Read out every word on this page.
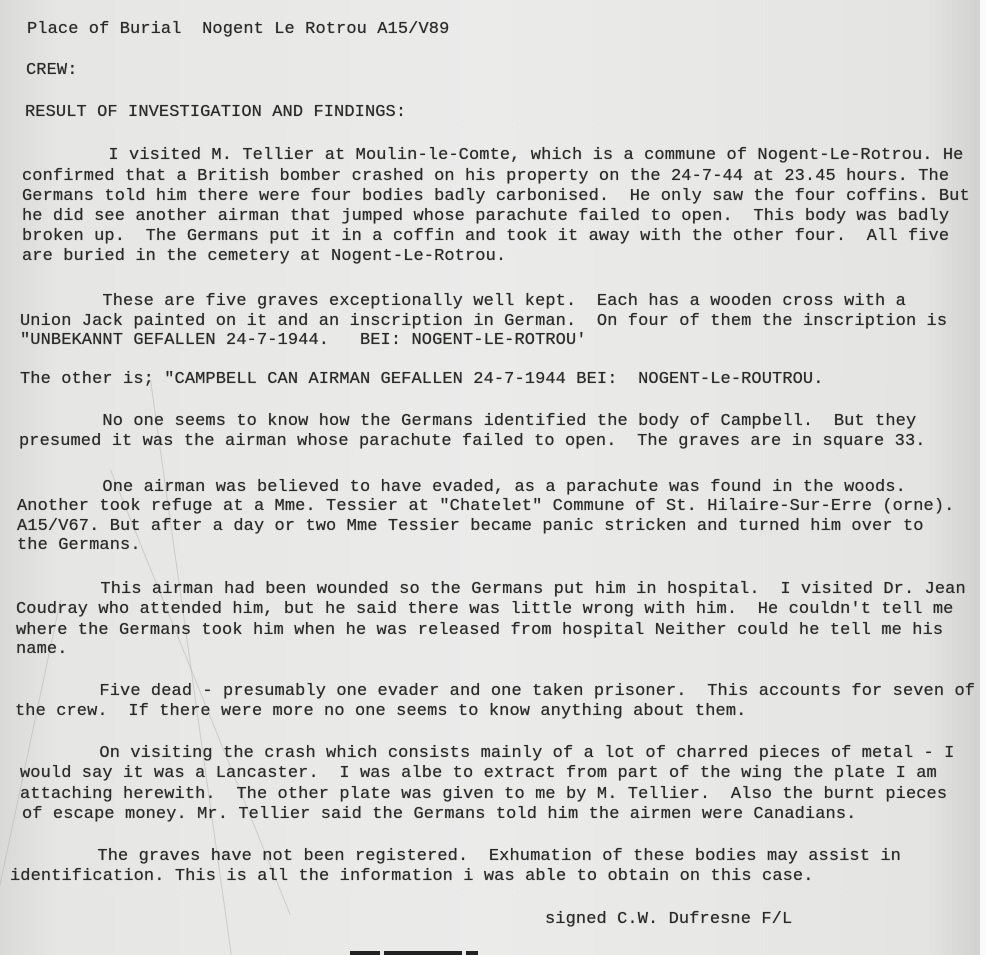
Place of Burial  Nogent Le Rotrou A15/V89
CREW:
RESULT OF INVESTIGATION AND FINDINGS:
I visited M. Tellier at Moulin-le-Comte, which is a commune of Nogent-Le-Rotrou. He
confirmed that a British bomber crashed on his property on the 24-7-44 at 23.45 hours. The
Germans told him there were four bodies badly carbonised.  He only saw the four coffins. But
he did see another airman that jumped whose parachute failed to open.  This body was badly
broken up.  The Germans put it in a coffin and took it away with the other four.  All five
are buried in the cemetery at Nogent-Le-Rotrou.
These are five graves exceptionally well kept.  Each has a wooden cross with a
Union Jack painted on it and an inscription in German.  On four of them the inscription is
"UNBEKANNT GEFALLEN 24-7-1944.   BEI: NOGENT-LE-ROTROU'
The other is; "CAMPBELL CAN AIRMAN GEFALLEN 24-7-1944 BEI:  NOGENT-Le-ROUTROU.
No one seems to know how the Germans identified the body of Campbell.  But they
presumed it was the airman whose parachute failed to open.  The graves are in square 33.
One airman was believed to have evaded, as a parachute was found in the woods.
Another took refuge at a Mme. Tessier at "Chatelet" Commune of St. Hilaire-Sur-Erre (orne).
A15/V67. But after a day or two Mme Tessier became panic stricken and turned him over to
the Germans.
This airman had been wounded so the Germans put him in hospital.  I visited Dr. Jean
Coudray who attended him, but he said there was little wrong with him.  He couldn't tell me
where the Germans took him when he was released from hospital Neither could he tell me his
name.
Five dead - presumably one evader and one taken prisoner.  This accounts for seven of
the crew.  If there were more no one seems to know anything about them.
On visiting the crash which consists mainly of a lot of charred pieces of metal - I
would say it was a Lancaster.  I was albe to extract from part of the wing the plate I am
attaching herewith.  The other plate was given to me by M. Tellier.  Also the burnt pieces
of escape money. Mr. Tellier said the Germans told him the airmen were Canadians.
The graves have not been registered.  Exhumation of these bodies may assist in
identification. This is all the information i was able to obtain on this case.
signed C.W. Dufresne F/L
